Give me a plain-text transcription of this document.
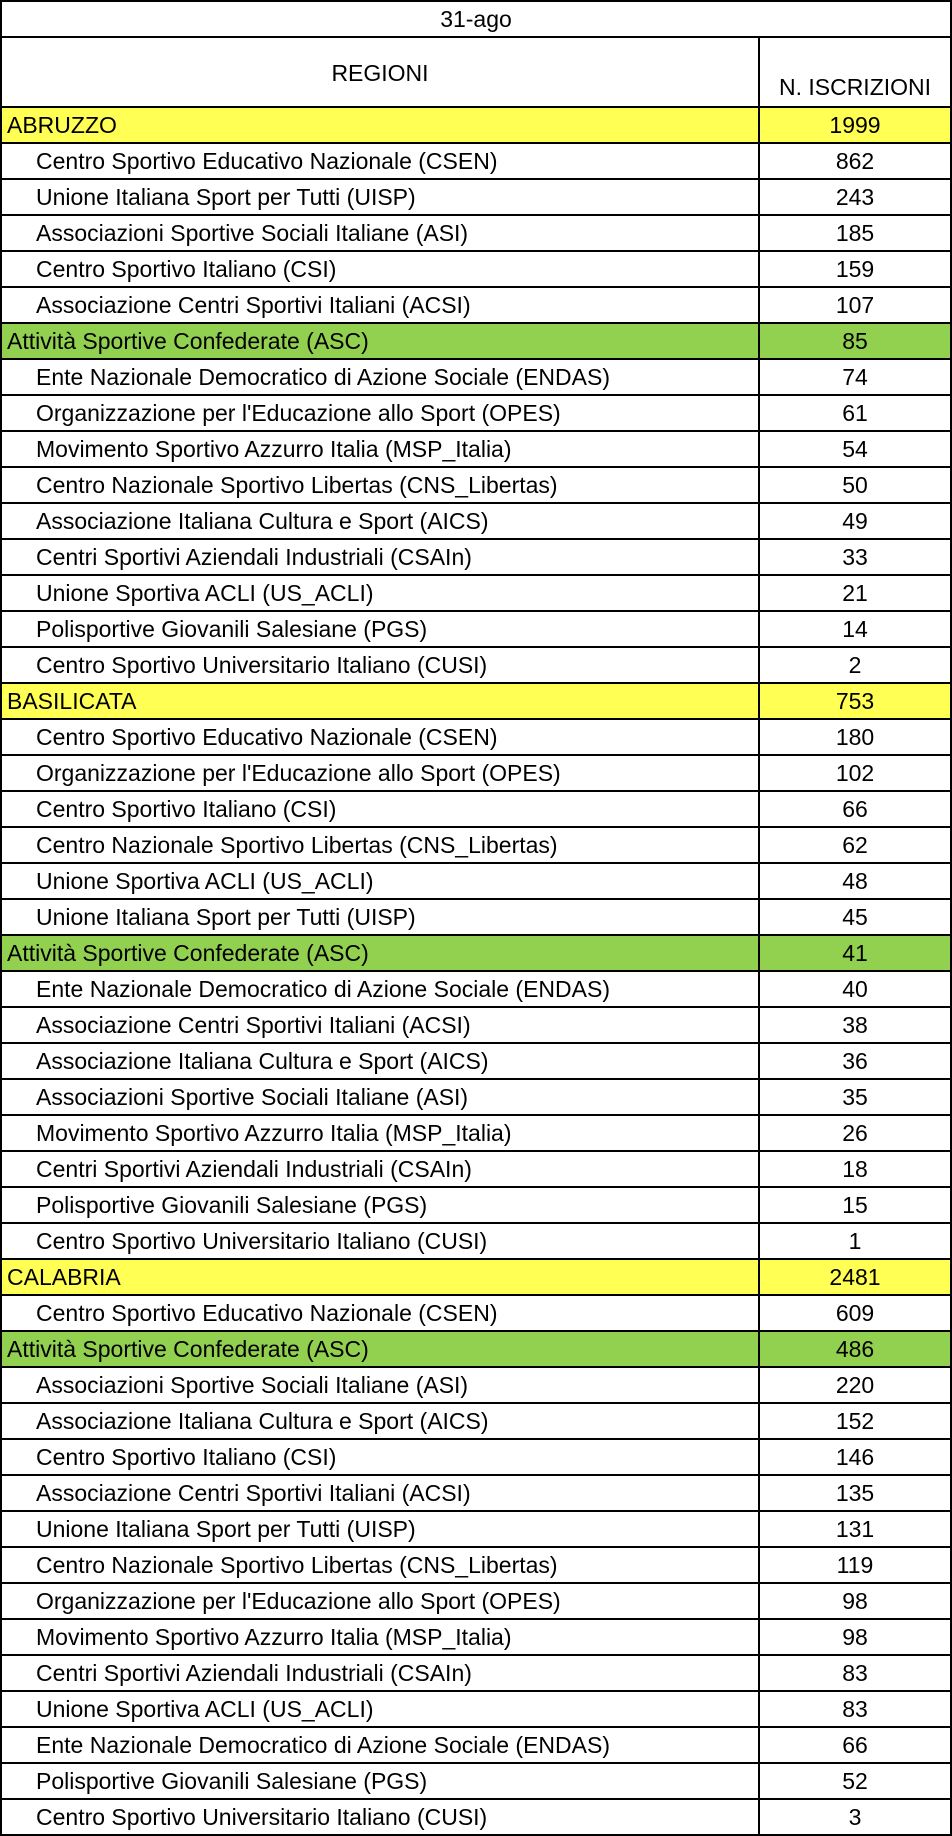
31-ago
REGIONI
N. ISCRIZIONI
ABRUZZO	1999
Centro Sportivo Educativo Nazionale (CSEN)	862
Unione Italiana Sport per Tutti (UISP)	243
Associazioni Sportive Sociali Italiane (ASI)	185
Centro Sportivo Italiano (CSI)	159
Associazione Centri Sportivi Italiani (ACSI)	107
Attività Sportive Confederate (ASC)	85
Ente Nazionale Democratico di Azione Sociale (ENDAS)	74
Organizzazione per l'Educazione allo Sport (OPES)	61
Movimento Sportivo Azzurro Italia (MSP_Italia)	54
Centro Nazionale Sportivo Libertas (CNS_Libertas)	50
Associazione Italiana Cultura e Sport (AICS)	49
Centri Sportivi Aziendali Industriali (CSAIn)	33
Unione Sportiva ACLI (US_ACLI)	21
Polisportive Giovanili Salesiane (PGS)	14
Centro Sportivo Universitario Italiano (CUSI)	2
BASILICATA	753
Centro Sportivo Educativo Nazionale (CSEN)	180
Organizzazione per l'Educazione allo Sport (OPES)	102
Centro Sportivo Italiano (CSI)	66
Centro Nazionale Sportivo Libertas (CNS_Libertas)	62
Unione Sportiva ACLI (US_ACLI)	48
Unione Italiana Sport per Tutti (UISP)	45
Attività Sportive Confederate (ASC)	41
Ente Nazionale Democratico di Azione Sociale (ENDAS)	40
Associazione Centri Sportivi Italiani (ACSI)	38
Associazione Italiana Cultura e Sport (AICS)	36
Associazioni Sportive Sociali Italiane (ASI)	35
Movimento Sportivo Azzurro Italia (MSP_Italia)	26
Centri Sportivi Aziendali Industriali (CSAIn)	18
Polisportive Giovanili Salesiane (PGS)	15
Centro Sportivo Universitario Italiano (CUSI)	1
CALABRIA	2481
Centro Sportivo Educativo Nazionale (CSEN)	609
Attività Sportive Confederate (ASC)	486
Associazioni Sportive Sociali Italiane (ASI)	220
Associazione Italiana Cultura e Sport (AICS)	152
Centro Sportivo Italiano (CSI)	146
Associazione Centri Sportivi Italiani (ACSI)	135
Unione Italiana Sport per Tutti (UISP)	131
Centro Nazionale Sportivo Libertas (CNS_Libertas)	119
Organizzazione per l'Educazione allo Sport (OPES)	98
Movimento Sportivo Azzurro Italia (MSP_Italia)	98
Centri Sportivi Aziendali Industriali (CSAIn)	83
Unione Sportiva ACLI (US_ACLI)	83
Ente Nazionale Democratico di Azione Sociale (ENDAS)	66
Polisportive Giovanili Salesiane (PGS)	52
Centro Sportivo Universitario Italiano (CUSI)	3
